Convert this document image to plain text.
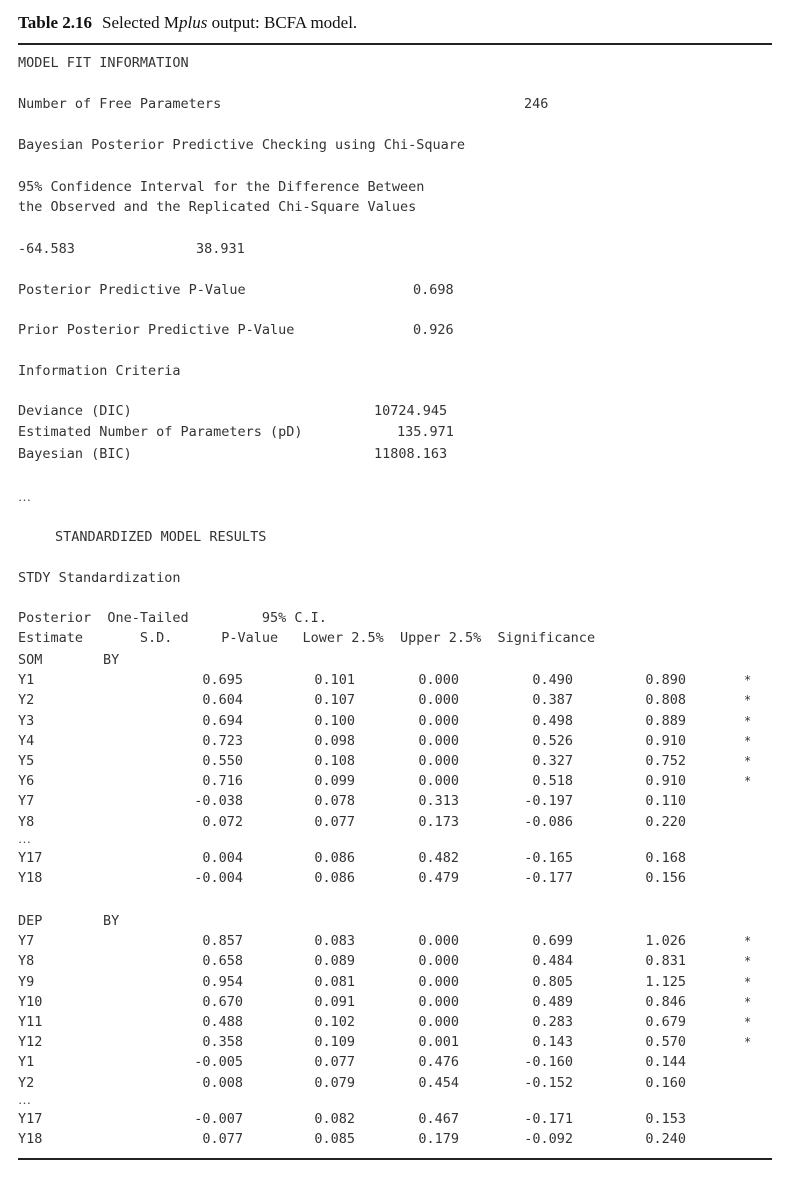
Table 2.16 Selected Mplus output: BCFA model.
MODEL FIT INFORMATION
Number of Free Parameters	246
Bayesian Posterior Predictive Checking using Chi-Square
95% Confidence Interval for the Difference Between
the Observed and the Replicated Chi-Square Values
-64.583	38.931
Posterior Predictive P-Value	0.698
Prior Posterior Predictive P-Value	0.926
Information Criteria
Deviance (DIC)	10724.945
Estimated Number of Parameters (pD)	135.971
Bayesian (BIC)	11808.163
…
STANDARDIZED MODEL RESULTS
STDY Standardization
Posterior  One-Tailed         95% C.I.
Estimate       S.D.      P-Value   Lower 2.5%  Upper 2.5%  Significance
SOM	BY
Y1	0.695	0.101	0.000	0.490	0.890	*
Y2	0.604	0.107	0.000	0.387	0.808	*
Y3	0.694	0.100	0.000	0.498	0.889	*
Y4	0.723	0.098	0.000	0.526	0.910	*
Y5	0.550	0.108	0.000	0.327	0.752	*
Y6	0.716	0.099	0.000	0.518	0.910	*
Y7	-0.038	0.078	0.313	-0.197	0.110
Y8	0.072	0.077	0.173	-0.086	0.220
…
Y17	0.004	0.086	0.482	-0.165	0.168
Y18	-0.004	0.086	0.479	-0.177	0.156
DEP	BY
Y7	0.857	0.083	0.000	0.699	1.026	*
Y8	0.658	0.089	0.000	0.484	0.831	*
Y9	0.954	0.081	0.000	0.805	1.125	*
Y10	0.670	0.091	0.000	0.489	0.846	*
Y11	0.488	0.102	0.000	0.283	0.679	*
Y12	0.358	0.109	0.001	0.143	0.570	*
Y1	-0.005	0.077	0.476	-0.160	0.144
Y2	0.008	0.079	0.454	-0.152	0.160
…
Y17	-0.007	0.082	0.467	-0.171	0.153
Y18	0.077	0.085	0.179	-0.092	0.240
